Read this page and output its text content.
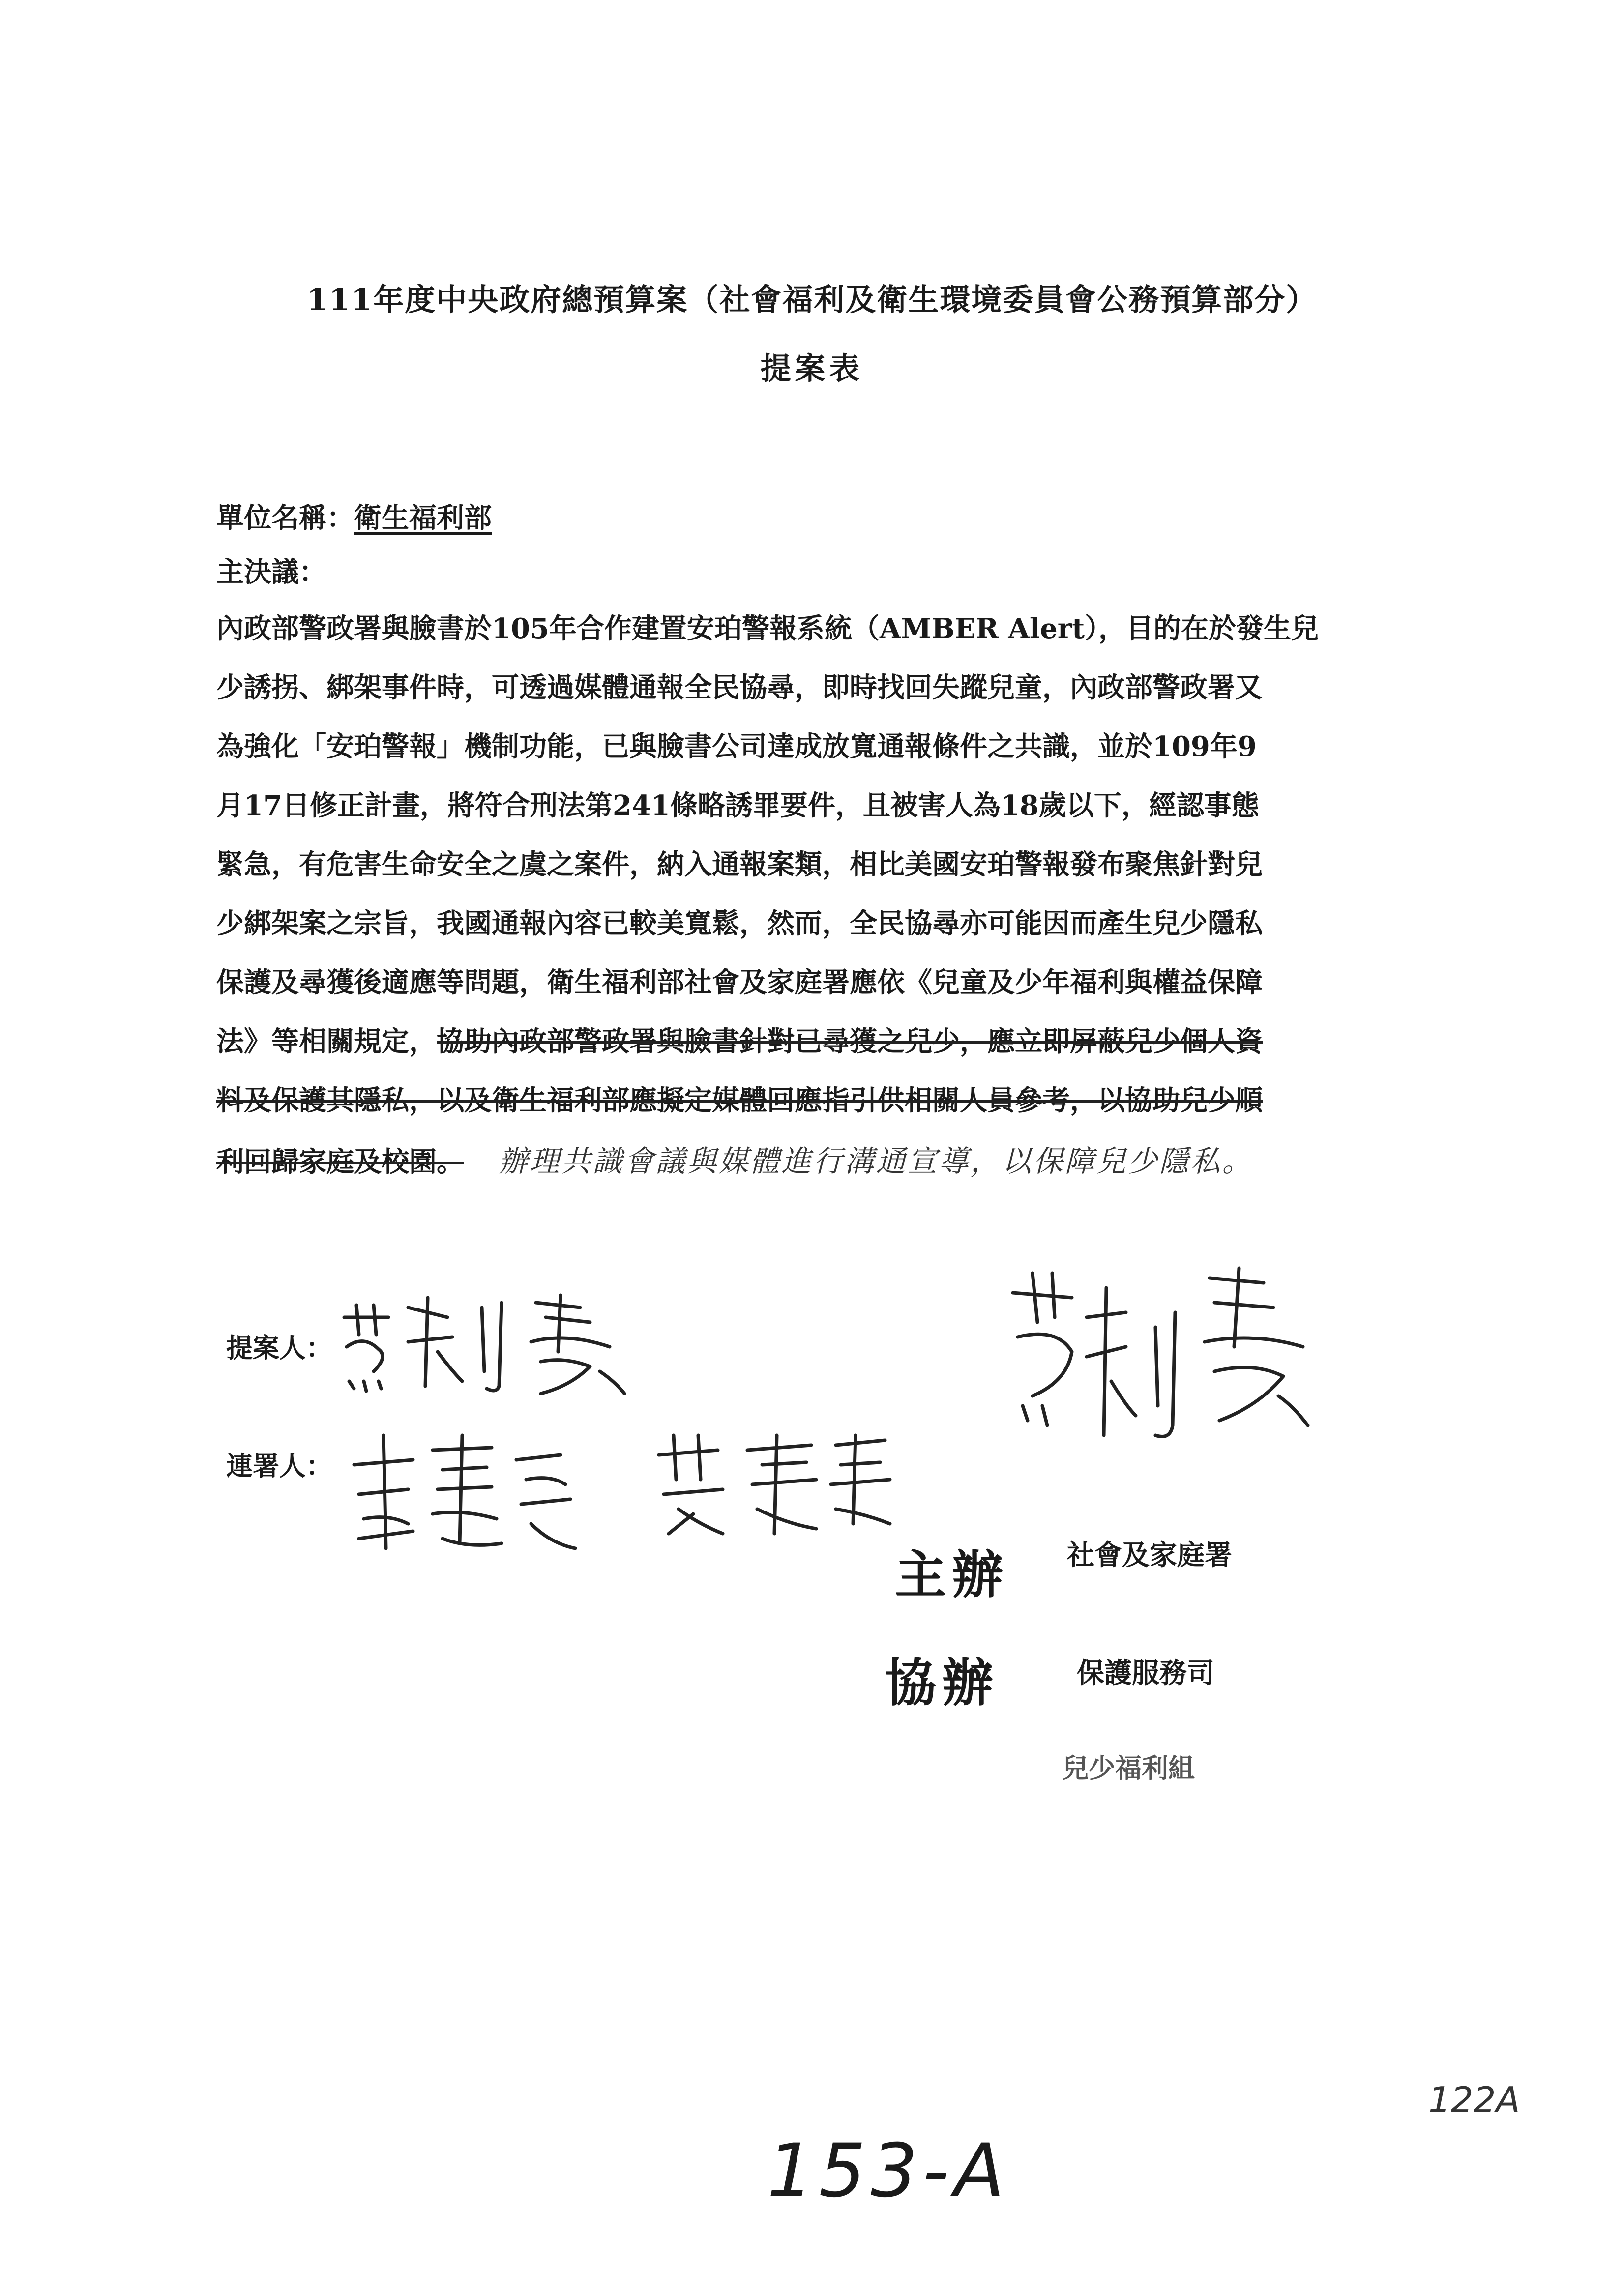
111年度中央政府總預算案（社會福利及衛生環境委員會公務預算部分）
提案表
單位名稱：衛生福利部
主決議：
內政部警政署與臉書於105年合作建置安珀警報系統（AMBER Alert），目的在於發生兒
少誘拐、綁架事件時，可透過媒體通報全民協尋，即時找回失蹤兒童，內政部警政署又
為強化「安珀警報」機制功能，已與臉書公司達成放寬通報條件之共識，並於109年9
月17日修正計畫，將符合刑法第241條略誘罪要件，且被害人為18歲以下，經認事態
緊急，有危害生命安全之虞之案件，納入通報案類，相比美國安珀警報發布聚焦針對兒
少綁架案之宗旨，我國通報內容已較美寬鬆，然而，全民協尋亦可能因而產生兒少隱私
保護及尋獲後適應等問題，衛生福利部社會及家庭署應依《兒童及少年福利與權益保障
法》等相關規定，協助內政部警政署與臉書針對已尋獲之兒少，應立即屏蔽兒少個人資
料及保護其隱私，以及衛生福利部應擬定媒體回應指引供相關人員參考，以協助兒少順
利回歸家庭及校園。 辦理共識會議與媒體進行溝通宣導，以保障兒少隱私。
提案人：
連署人：
主辦 社會及家庭署
協辦	保護服務司
兒少福利組
153-A
122A
